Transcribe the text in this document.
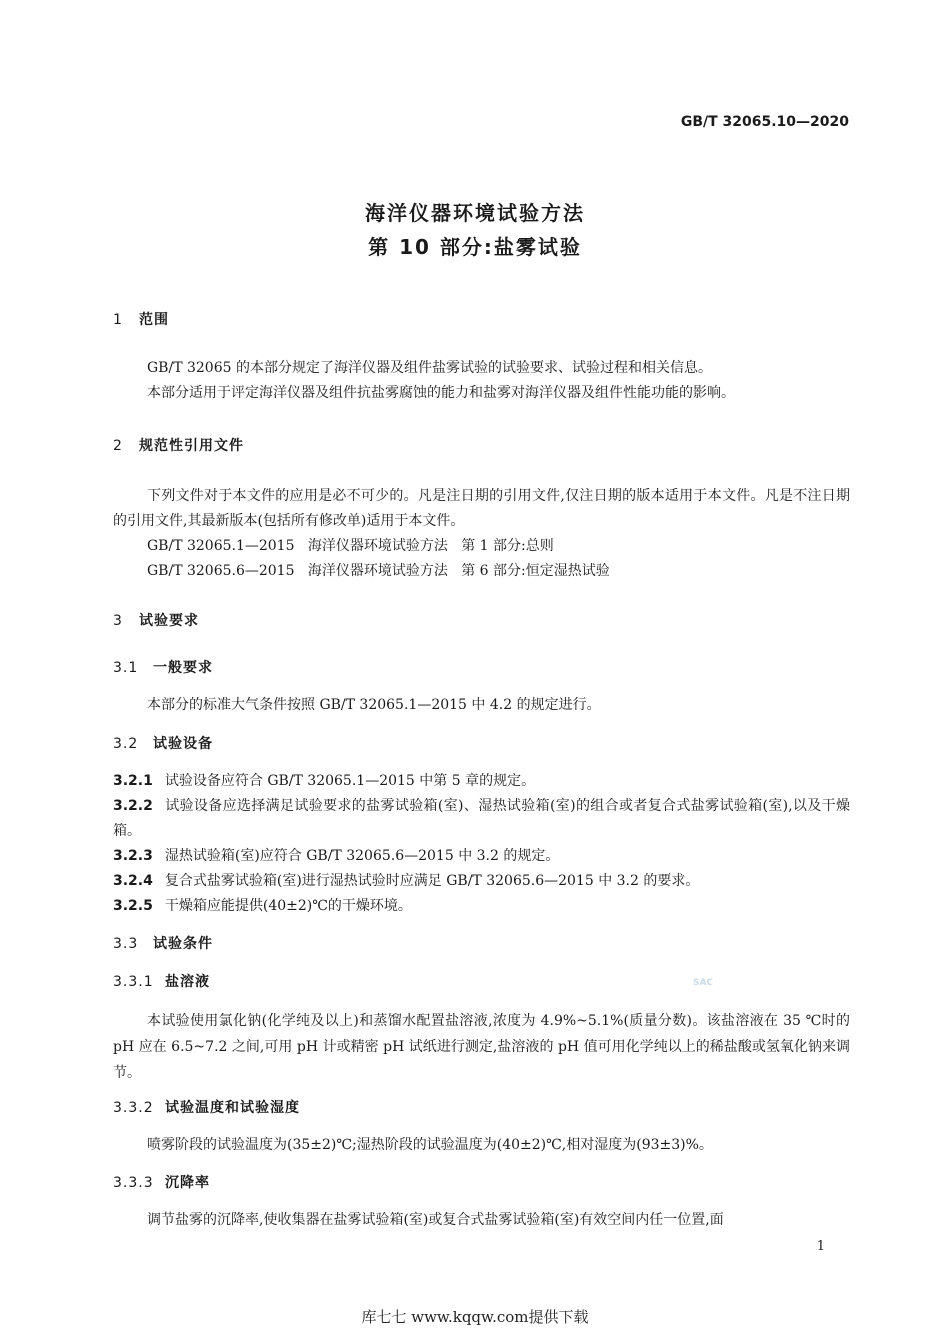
GB/T 32065.10—2020
海洋仪器环境试验方法
第 10 部分:盐雾试验
1 范围
GB/T 32065 的本部分规定了海洋仪器及组件盐雾试验的试验要求、试验过程和相关信息。
本部分适用于评定海洋仪器及组件抗盐雾腐蚀的能力和盐雾对海洋仪器及组件性能功能的影响。
2 规范性引用文件
下列文件对于本文件的应用是必不可少的。凡是注日期的引用文件,仅注日期的版本适用于本文件。凡是不注日期的引用文件,其最新版本(包括所有修改单)适用于本文件。
GB/T 32065.1—2015   海洋仪器环境试验方法   第 1 部分:总则
GB/T 32065.6—2015   海洋仪器环境试验方法   第 6 部分:恒定湿热试验
3 试验要求
3.1 一般要求
本部分的标准大气条件按照 GB/T 32065.1—2015 中 4.2 的规定进行。
3.2 试验设备
3.2.1 试验设备应符合 GB/T 32065.1—2015 中第 5 章的规定。
3.2.2 试验设备应选择满足试验要求的盐雾试验箱(室)、湿热试验箱(室)的组合或者复合式盐雾试验箱(室),以及干燥箱。
3.2.3 湿热试验箱(室)应符合 GB/T 32065.6—2015 中 3.2 的规定。
3.2.4 复合式盐雾试验箱(室)进行湿热试验时应满足 GB/T 32065.6—2015 中 3.2 的要求。
3.2.5 干燥箱应能提供(40±2)℃的干燥环境。
3.3 试验条件
3.3.1 盐溶液
本试验使用氯化钠(化学纯及以上)和蒸馏水配置盐溶液,浓度为 4.9%~5.1%(质量分数)。该盐溶液在 35 ℃时的 pH 应在 6.5~7.2 之间,可用 pH 计或精密 pH 试纸进行测定,盐溶液的 pH 值可用化学纯以上的稀盐酸或氢氧化钠来调节。
3.3.2 试验温度和试验湿度
喷雾阶段的试验温度为(35±2)℃;湿热阶段的试验温度为(40±2)℃,相对湿度为(93±3)%。
3.3.3 沉降率
调节盐雾的沉降率,使收集器在盐雾试验箱(室)或复合式盐雾试验箱(室)有效空间内任一位置,面
SAC
1
库七七 www.kqqw.com提供下载
